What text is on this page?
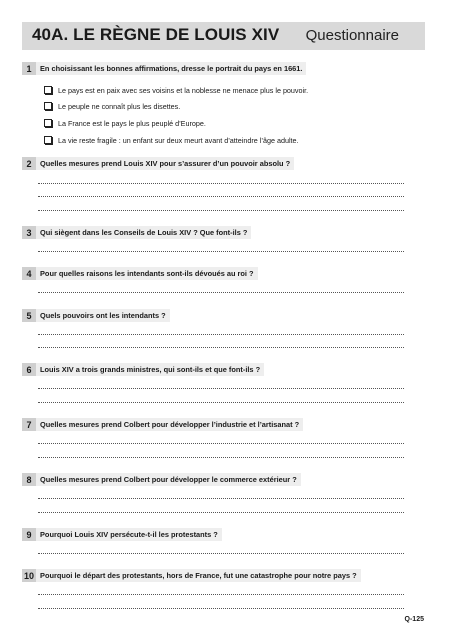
40A. LE RÈGNE DE LOUIS XIV Questionnaire
1	En choisissant les bonnes affirmations, dresse le portrait du pays en 1661.
Le pays est en paix avec ses voisins et la noblesse ne menace plus le pouvoir.
Le peuple ne connaît plus les disettes.
La France est le pays le plus peuplé d’Europe.
La vie reste fragile : un enfant sur deux meurt avant d’atteindre l’âge adulte.
2	Quelles mesures prend Louis XIV pour s’assurer d’un pouvoir absolu ?
3	Qui siègent dans les Conseils de Louis XIV ? Que font-ils ?
4	Pour quelles raisons les intendants sont-ils dévoués au roi ?
5	Quels pouvoirs ont les intendants ?
6	Louis XIV a trois grands ministres, qui sont-ils et que font-ils ?
7	Quelles mesures prend Colbert pour développer l’industrie et l’artisanat ?
8	Quelles mesures prend Colbert pour développer le commerce extérieur ?
9	Pourquoi Louis XIV persécute-t-il les protestants ?
10 Pourquoi le départ des protestants, hors de France, fut une catastrophe pour notre pays ?
Q-125
